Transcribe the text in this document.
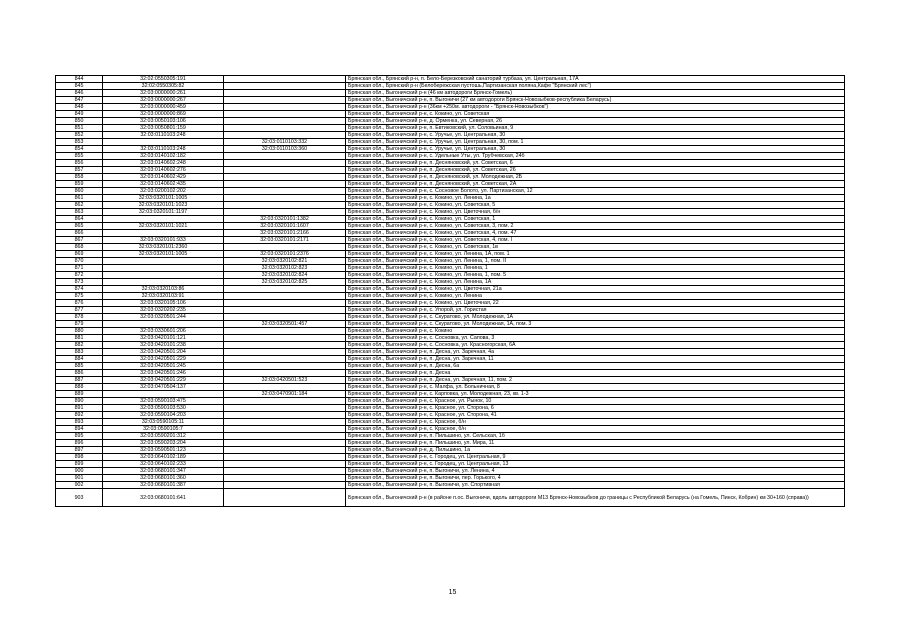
844	32:02:0550305:191		Брянская обл., Брянский р-н, п. Бело-Березковский санаторий турбаза, ул. Центральная, 17А
845	32:02:0550305:82		Брянская обл., Брянский р-н (Белобережская пустошь,Партизанская поляна,Кафе "Брянский лес")
846	32:03:0000000:261		Брянская обл., Выгоничский р-н (46 км автодороги Брянск-Гомель)
847	32:03:0000000:267		Брянская обл., Выгоничский р-н, п. Выгоничи (27 км автодороги Брянск-Новозыбков-республика Беларусь)
848	32:03:0000000:459		Брянская обл., Выгоничский р-н (36км +250м. автодороги - "Брянск-Новозыбков")
849	32:03:0000000:869		Брянская обл., Выгоничский р-н, с. Кокино, ул. Советская
850	32:03:0050103:106		Брянская обл., Выгоничский р-н, д. Орменка, ул. Северная, 26
851	32:03:0050801:159		Брянская обл., Выгоничский р-н, п. Евтиковский, ул. Соловьиная, 9
852	32:03:0110103:248		Брянская обл., Выгоничский р-н, с. Уручье, ул. Центральная, 30
853		32:03:0110103:332	Брянская обл., Выгоничский р-н, с. Уручье, ул. Центральная, 30, пом. 1
854	32:03:0110103:248	32:03:0110103:360	Брянская обл., Выгоничский р-н, с. Уручье, ул. Центральная, 30
855	32:03:0140102:182		Брянская обл., Выгоничский р-н, с. Удельные Уты, ул. Трубчевская, 24б
856	32:03:0140602:248		Брянская обл., Выгоничский р-н, п. Десняновский, ул. Советская, 6
857	32:03:0140602:276		Брянская обл., Выгоничский р-н, п. Десняновский, ул. Советская, 26
858	32:03:0140602:429		Брянская обл., Выгоничский р-н, п. Десняновский, ул. Молодежная, 2Б
859	32:03:0140602:435		Брянская обл., Выгоничский р-н, п. Десняновский, ул. Советская, 2А
860	32:03:0200102:202		Брянская обл., Выгоничский р-н, с. Сосновое Болото, ул. Партизанская, 12
861	32:03:0320101:1005		Брянская обл., Выгоничский р-н, с. Кокино, ул. Ленина, 1а
862	32:03:0320101:1023		Брянская обл., Выгоничский р-н, с. Кокино, ул. Советская, 5
863	32:03:0320101:1197		Брянская обл., Выгоничский р-н, с. Кокино, ул. Цветочная, б/н
864		32:03:0320101:1382	Брянская обл., Выгоничский р-н, с. Кокино, ул. Советская, 1
865	32:03:0320101:1021	32:03:0320101:1607	Брянская обл., Выгоничский р-н, с. Кокино, ул. Советская, 3, пом. 2
866		32:03:0320101:2166	Брянская обл., Выгоничский р-н, с. Кокино, ул. Советская, 4, пом. 47
867	32:03:0320101:933	32:03:0320101:2171	Брянская обл., Выгоничский р-н, с. Кокино, ул. Советская, 4, пом. I
868	32:03:0320101:2360		Брянская обл., Выгоничский р-н, с. Кокино, ул. Советская, 1в
869	32:03:0320101:1005	32:03:0320101:2376	Брянская обл., Выгоничский р-н, с. Кокино, ул. Ленина, 1А, пом. 1
870		32:03:0320102:821	Брянская обл., Выгоничский р-н, с. Кокино, ул. Ленина, 1, пом. II
871		32:03:0320102:823	Брянская обл., Выгоничский р-н, с. Кокино, ул. Ленина, 1
872		32:03:0320102:824	Брянская обл., Выгоничский р-н, с. Кокино, ул. Ленина, 1, пом. 5
873		32:03:0320102:825	Брянская обл., Выгоничский р-н, с. Кокино, ул. Ленина, 1А
874	32:03:0320103:86		Брянская обл., Выгоничский р-н, с. Кокино, ул. Цветочная, 21а
875	32:03:0320103:91		Брянская обл., Выгоничский р-н, с. Кокино, ул. Ленина
876	32:03:0320105:106		Брянская обл., Выгоничский р-н, с. Кокино, ул. Цветочная, 22
877	32:03:0320202:235		Брянская обл., Выгоничский р-н, с. Упорой, ул. Гористая
878	32:03:0320501:244		Брянская обл., Выгоничский р-н, с. Скуратово, ул. Молодежная, 1А
879		32:03:0320501:457	Брянская обл., Выгоничский р-н, с. Скуратово, ул. Молодежная, 1А, пом. 3
880	32:03:0330601:206		Брянская обл., Выгоничский р-н, с. Кокино
881	32:03:0420101:121		Брянская обл., Выгоничский р-н, с. Сосновка, ул. Сапова, 3
882	32:03:0420101:238		Брянская обл., Выгоничский р-н, с. Сосновка, ул. Красногорская, 6А
883	32:03:0420501:204		Брянская обл., Выгоничский р-н, п. Десна, ул. Заречная, 4а
884	32:03:0420501:229		Брянская обл., Выгоничский р-н, п. Десна, ул. Заречная, 11
885	32:03:0420501:245		Брянская обл., Выгоничский р-н, п. Десна, 6а
886	32:03:0420501:246		Брянская обл., Выгоничский р-н, п. Десна
887	32:03:0420501:229	32:03:0420501:523	Брянская обл., Выгоничский р-н, п. Десна, ул. Заречная, 11, пом. 2
888	32:03:0470504:137		Брянская обл., Выгоничский р-н, с. Малфа, ул. Больничная, 8
889		32:03:0470901:184	Брянская обл., Выгоничский р-н, с. Карповка, ул. Молодежная, 23, кв. 1-3
890	32:03:0590103:475		Брянская обл., Выгоничский р-н, с. Красное, ул. Рынок, 10
891	32:03:0590103:530		Брянская обл., Выгоничский р-н, с. Красное, ул. Сторона, 6
892	32:03:0590104:203		Брянская обл., Выгоничский р-н, с. Красное, ул. Сторона, 41
893	32:03:0590105:11		Брянская обл., Выгоничский р-н, с. Красное, б/н
894	32:03:0590105:7		Брянская обл., Выгоничский р-н, с. Красное, б/н
895	32:03:0590201:312		Брянская обл., Выгоничский р-н, п. Пильшино, ул. Сельская, 1б
896	32:03:0590203:204		Брянская обл., Выгоничский р-н, п. Пильшино, ул. Мира, 11
897	32:03:0590501:123		Брянская обл., Выгоничский р-н, д. Пильшино, 1а
898	32:03:0640102:189		Брянская обл., Выгоничский р-н, с. Городец, ул. Центральная, 9
899	32:03:0640102:233		Брянская обл., Выгоничский р-н, с. Городец, ул. Центральная, 13
900	32:03:0680101:347		Брянская обл., Выгоничский р-н, п. Выгоничи, ул. Ленина, 4
901	32:03:0680101:360		Брянская обл., Выгоничский р-н, п. Выгоничи, пер. Горького, 4
902	32:03:0680101:387		Брянская обл., Выгоничский р-н, п. Выгоничи, ул. Спортивная
903	32:03:0680101:641		Брянская обл., Выгоничский р-н (в районе п.ос. Выгоничи, вдоль автодороги М13 Брянск-Новозыбков до границы с Республикой Беларусь (на Гомель, Пинск, Кобрин) км 30+160 (справа))
15
